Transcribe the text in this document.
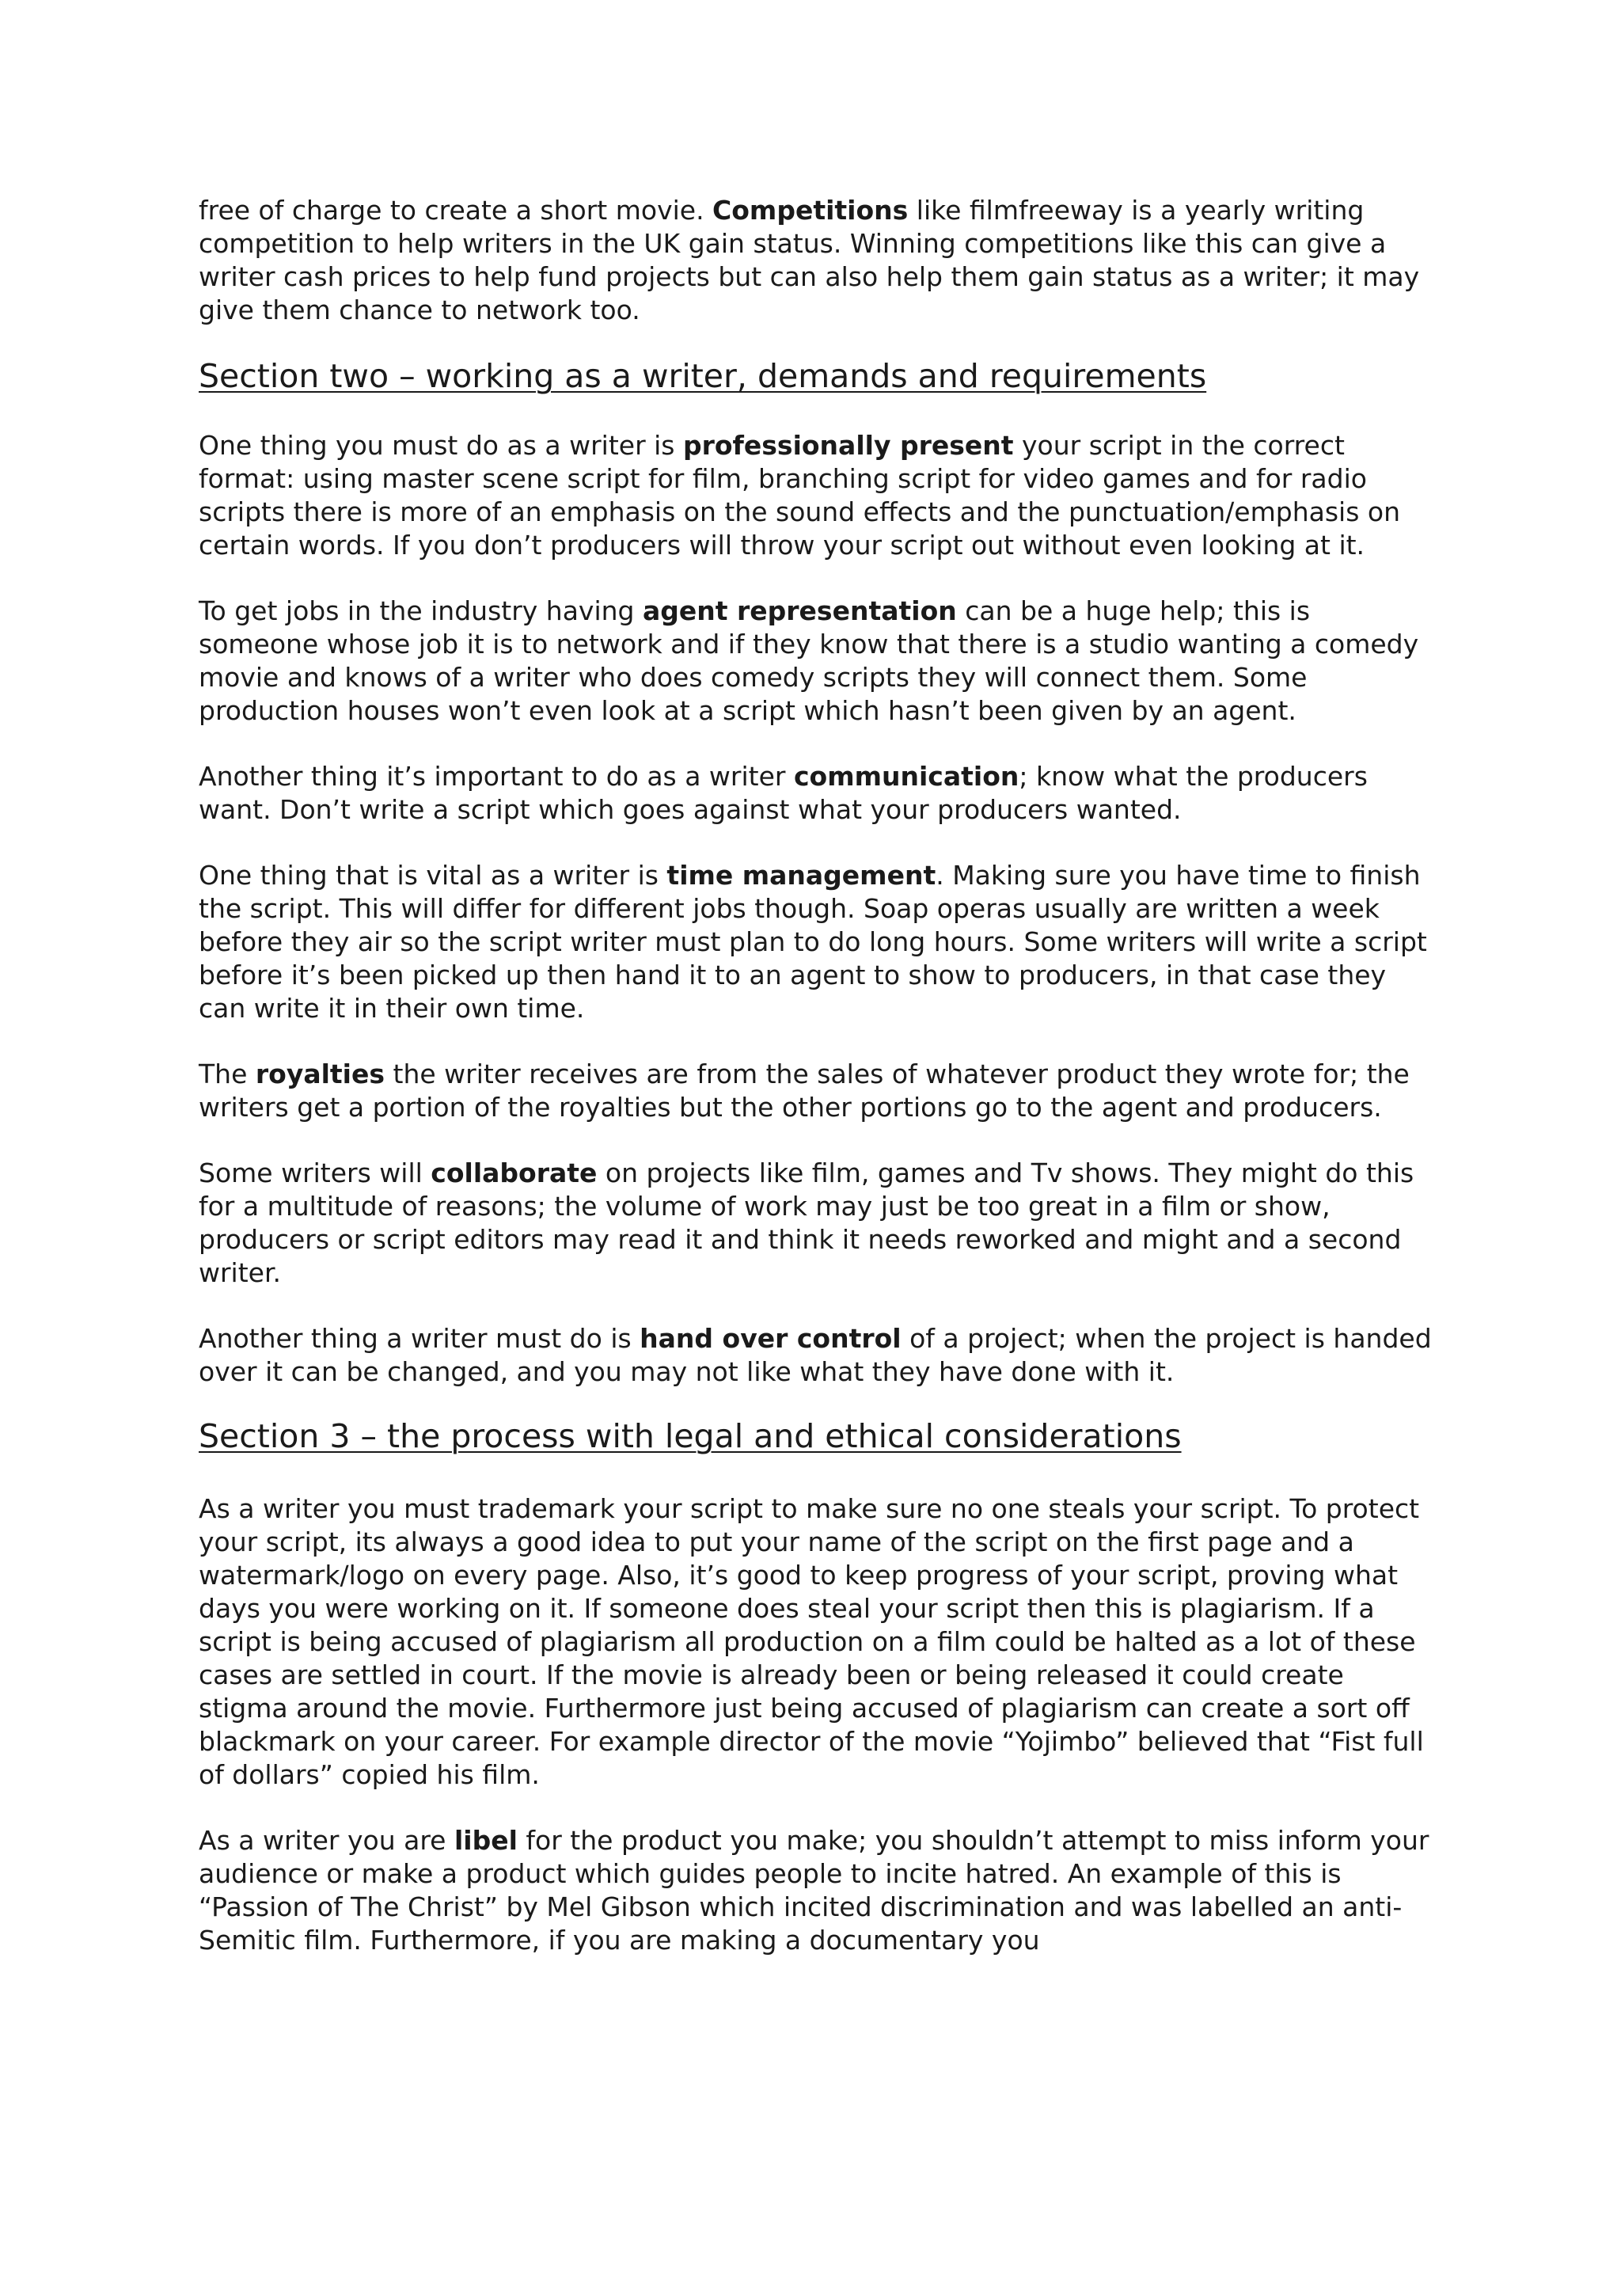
free of charge to create a short movie. Competitions like filmfreeway is a yearly writing competition to help writers in the UK gain status. Winning competitions like this can give a writer cash prices to help fund projects but can also help them gain status as a writer; it may give them chance to network too.

Section two – working as a writer, demands and requirements

One thing you must do as a writer is professionally present your script in the correct format: using master scene script for film, branching script for video games and for radio scripts there is more of an emphasis on the sound effects and the punctuation/emphasis on certain words. If you don’t producers will throw your script out without even looking at it.

To get jobs in the industry having agent representation can be a huge help; this is someone whose job it is to network and if they know that there is a studio wanting a comedy movie and knows of a writer who does comedy scripts they will connect them. Some production houses won’t even look at a script which hasn’t been given by an agent.

Another thing it’s important to do as a writer communication; know what the producers want. Don’t write a script which goes against what your producers wanted.

One thing that is vital as a writer is time management. Making sure you have time to finish the script. This will differ for different jobs though. Soap operas usually are written a week before they air so the script writer must plan to do long hours. Some writers will write a script before it’s been picked up then hand it to an agent to show to producers, in that case they can write it in their own time.

The royalties the writer receives are from the sales of whatever product they wrote for; the writers get a portion of the royalties but the other portions go to the agent and producers.

Some writers will collaborate on projects like film, games and Tv shows. They might do this for a multitude of reasons; the volume of work may just be too great in a film or show, producers or script editors may read it and think it needs reworked and might and a second writer.

Another thing a writer must do is hand over control of a project; when the project is handed over it can be changed, and you may not like what they have done with it.

Section 3 – the process with legal and ethical considerations

As a writer you must trademark your script to make sure no one steals your script. To protect your script, its always a good idea to put your name of the script on the first page and a watermark/logo on every page. Also, it’s good to keep progress of your script, proving what days you were working on it. If someone does steal your script then this is plagiarism. If a script is being accused of plagiarism all production on a film could be halted as a lot of these cases are settled in court. If the movie is already been or being released it could create stigma around the movie. Furthermore just being accused of plagiarism can create a sort off blackmark on your career. For example director of the movie “Yojimbo” believed that “Fist full of dollars” copied his film.

As a writer you are libel for the product you make; you shouldn’t attempt to miss inform your audience or make a product which guides people to incite hatred. An example of this is “Passion of The Christ” by Mel Gibson which incited discrimination and was labelled an anti-Semitic film. Furthermore, if you are making a documentary you
